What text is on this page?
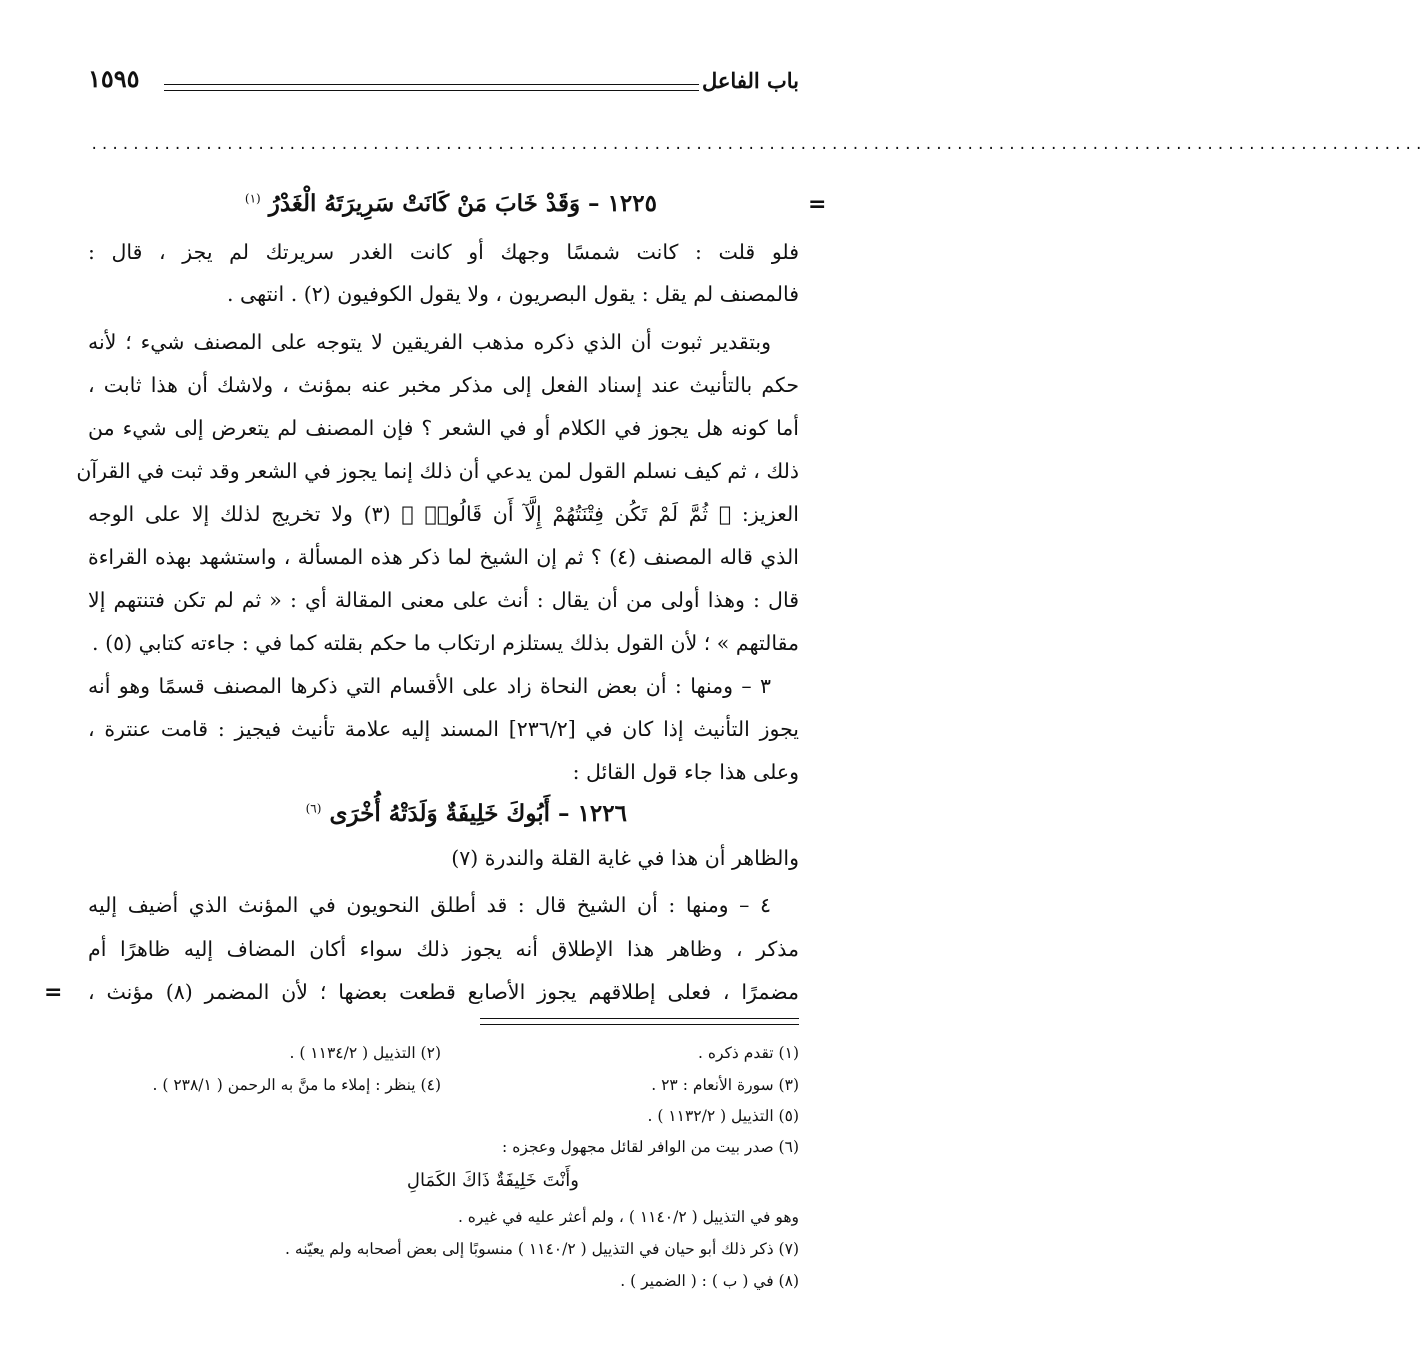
باب الفاعل
١٥٩٥
................................................................................................................................
=
=
١٢٢٥ – وَقَدْ خَابَ مَنْ كَانَتْ سَرِيرَتَهُ الْغَدْرُ $^{(١)}$
فلو قلت : كانت شمسًا وجهك أو كانت الغدر سريرتك لم يجز ، قال :
فالمصنف لم يقل : يقول البصريون ، ولا يقول الكوفيون (٢) . انتهى .
وبتقدير ثبوت أن الذي ذكره مذهب الفريقين لا يتوجه على المصنف شيء ؛ لأنه
حكم بالتأنيث عند إسناد الفعل إلى مذكر مخبر عنه بمؤنث ، ولاشك أن هذا ثابت ،
أما كونه هل يجوز في الكلام أو في الشعر ؟ فإن المصنف لم يتعرض إلى شيء من
ذلك ، ثم كيف نسلم القول لمن يدعي أن ذلك إنما يجوز في الشعر وقد ثبت في القرآن
العزيز: ﴿ ثُمَّ لَمْ تَكُن فِتْنَتُهُمْ إِلَّآ أَن قَالُوا۟ ﴾ (٣) ولا تخريج لذلك إلا على الوجه
الذي قاله المصنف (٤) ؟ ثم إن الشيخ لما ذكر هذه المسألة ، واستشهد بهذه القراءة
قال : وهذا أولى من أن يقال : أنث على معنى المقالة أي : « ثم لم تكن فتنتهم إلا
مقالتهم » ؛ لأن القول بذلك يستلزم ارتكاب ما حكم بقلته كما في : جاءته كتابي (٥) .
٣ – ومنها : أن بعض النحاة زاد على الأقسام التي ذكرها المصنف قسمًا وهو أنه
يجوز التأنيث إذا كان في [٢٣٦/٢] المسند إليه علامة تأنيث فيجيز : قامت عنترة ،
وعلى هذا جاء قول القائل :
١٢٢٦ – أَبُوكَ خَلِيفَةٌ وَلَدَتْهُ أُخْرَى $^{(٦)}$
والظاهر أن هذا في غاية القلة والندرة (٧)
٤ – ومنها : أن الشيخ قال : قد أطلق النحويون في المؤنث الذي أضيف إليه
مذكر ، وظاهر هذا الإطلاق أنه يجوز ذلك سواء أكان المضاف إليه ظاهرًا أم
مضمرًا ، فعلى إطلاقهم يجوز الأصابع قطعت بعضها ؛ لأن المضمر (٨) مؤنث ،
(١) تقدم ذكره .
(٢) التذييل ( ١١٣٤/٢ ) .
(٣) سورة الأنعام : ٢٣ .
(٤) ينظر : إملاء ما منَّ به الرحمن ( ٢٣٨/١ ) .
(٥) التذييل ( ١١٣٢/٢ ) .
(٦) صدر بيت من الوافر لقائل مجهول وعجزه :
وأَنْتَ خَلِيفَةٌ ذَاكَ الكَمَالِ
وهو في التذييل ( ١١٤٠/٢ ) ، ولم أعثر عليه في غيره .
(٧) ذكر ذلك أبو حيان في التذييل ( ١١٤٠/٢ ) منسوبًا إلى بعض أصحابه ولم يعيّنه .
(٨) في ( ب ) : ( الضمير ) .
